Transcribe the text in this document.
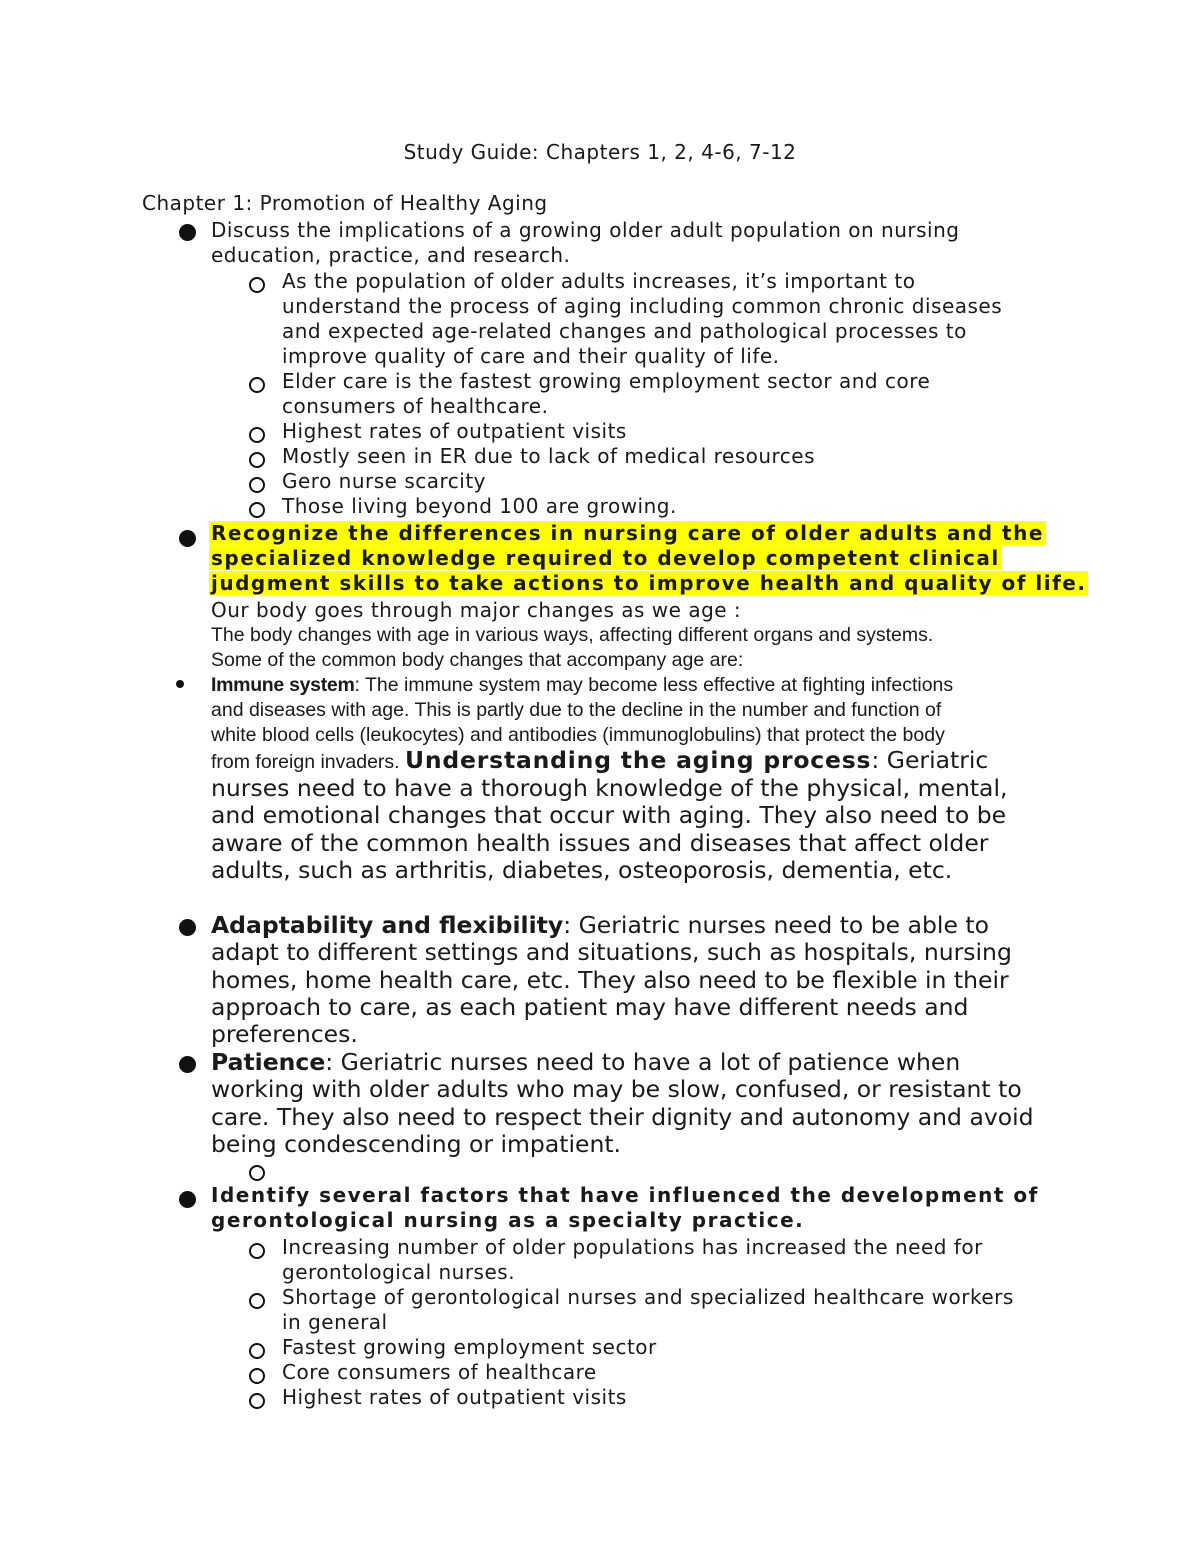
Study Guide: Chapters 1, 2, 4-6, 7-12
Chapter 1: Promotion of Healthy Aging
Discuss the implications of a growing older adult population on nursing
education, practice, and research.
As the population of older adults increases, it’s important to
understand the process of aging including common chronic diseases
and expected age-related changes and pathological processes to
improve quality of care and their quality of life.
Elder care is the fastest growing employment sector and core
consumers of healthcare.
Highest rates of outpatient visits
Mostly seen in ER due to lack of medical resources
Gero nurse scarcity
Those living beyond 100 are growing.
Recognize the differences in nursing care of older adults and the
specialized knowledge required to develop competent clinical
judgment skills to take actions to improve health and quality of life.
Our body goes through major changes as we age :
The body changes with age in various ways, affecting different organs and systems.
Some of the common body changes that accompany age are:
Immune system: The immune system may become less effective at fighting infections
and diseases with age. This is partly due to the decline in the number and function of
white blood cells (leukocytes) and antibodies (immunoglobulins) that protect the body
from foreign invaders. Understanding the aging process: Geriatric
nurses need to have a thorough knowledge of the physical, mental,
and emotional changes that occur with aging. They also need to be
aware of the common health issues and diseases that affect older
adults, such as arthritis, diabetes, osteoporosis, dementia, etc.
Adaptability and flexibility: Geriatric nurses need to be able to
adapt to different settings and situations, such as hospitals, nursing
homes, home health care, etc. They also need to be flexible in their
approach to care, as each patient may have different needs and
preferences.
Patience: Geriatric nurses need to have a lot of patience when
working with older adults who may be slow, confused, or resistant to
care. They also need to respect their dignity and autonomy and avoid
being condescending or impatient.
Identify several factors that have influenced the development of
gerontological nursing as a specialty practice.
Increasing number of older populations has increased the need for
gerontological nurses.
Shortage of gerontological nurses and specialized healthcare workers
in general
Fastest growing employment sector
Core consumers of healthcare
Highest rates of outpatient visits
